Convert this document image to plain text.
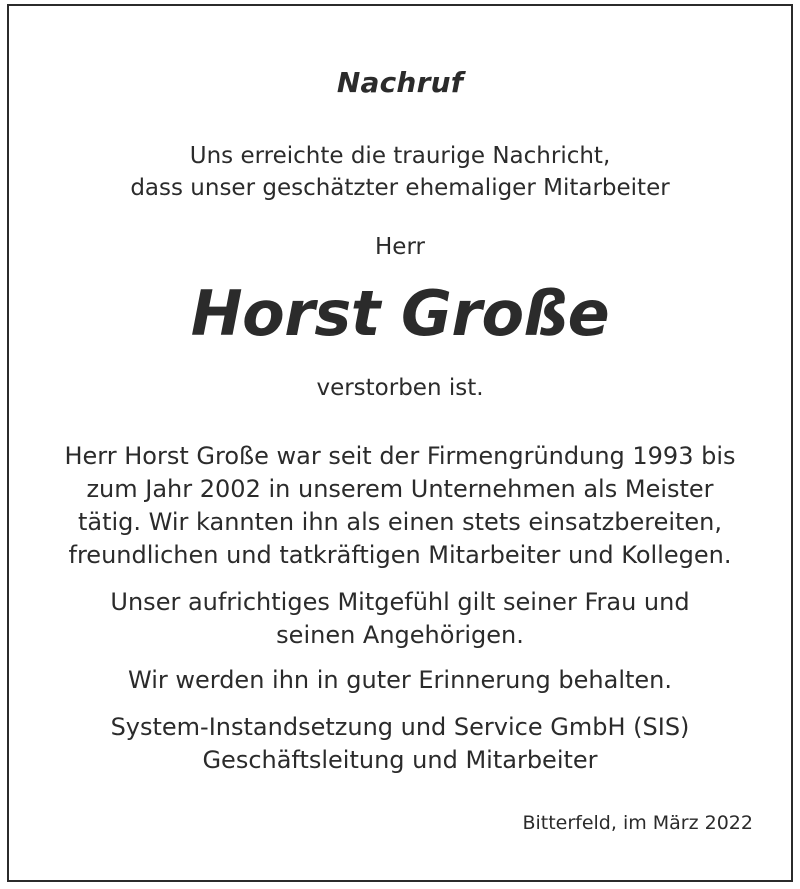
Nachruf
Uns erreichte die traurige Nachricht,
dass unser geschätzter ehemaliger Mitarbeiter
Herr
Horst Große
verstorben ist.
Herr Horst Große war seit der Firmengründung 1993 bis
zum Jahr 2002 in unserem Unternehmen als Meister
tätig. Wir kannten ihn als einen stets einsatzbereiten,
freundlichen und tatkräftigen Mitarbeiter und Kollegen.
Unser aufrichtiges Mitgefühl gilt seiner Frau und
seinen Angehörigen.
Wir werden ihn in guter Erinnerung behalten.
System-Instandsetzung und Service GmbH (SIS)
Geschäftsleitung und Mitarbeiter
Bitterfeld, im März 2022
